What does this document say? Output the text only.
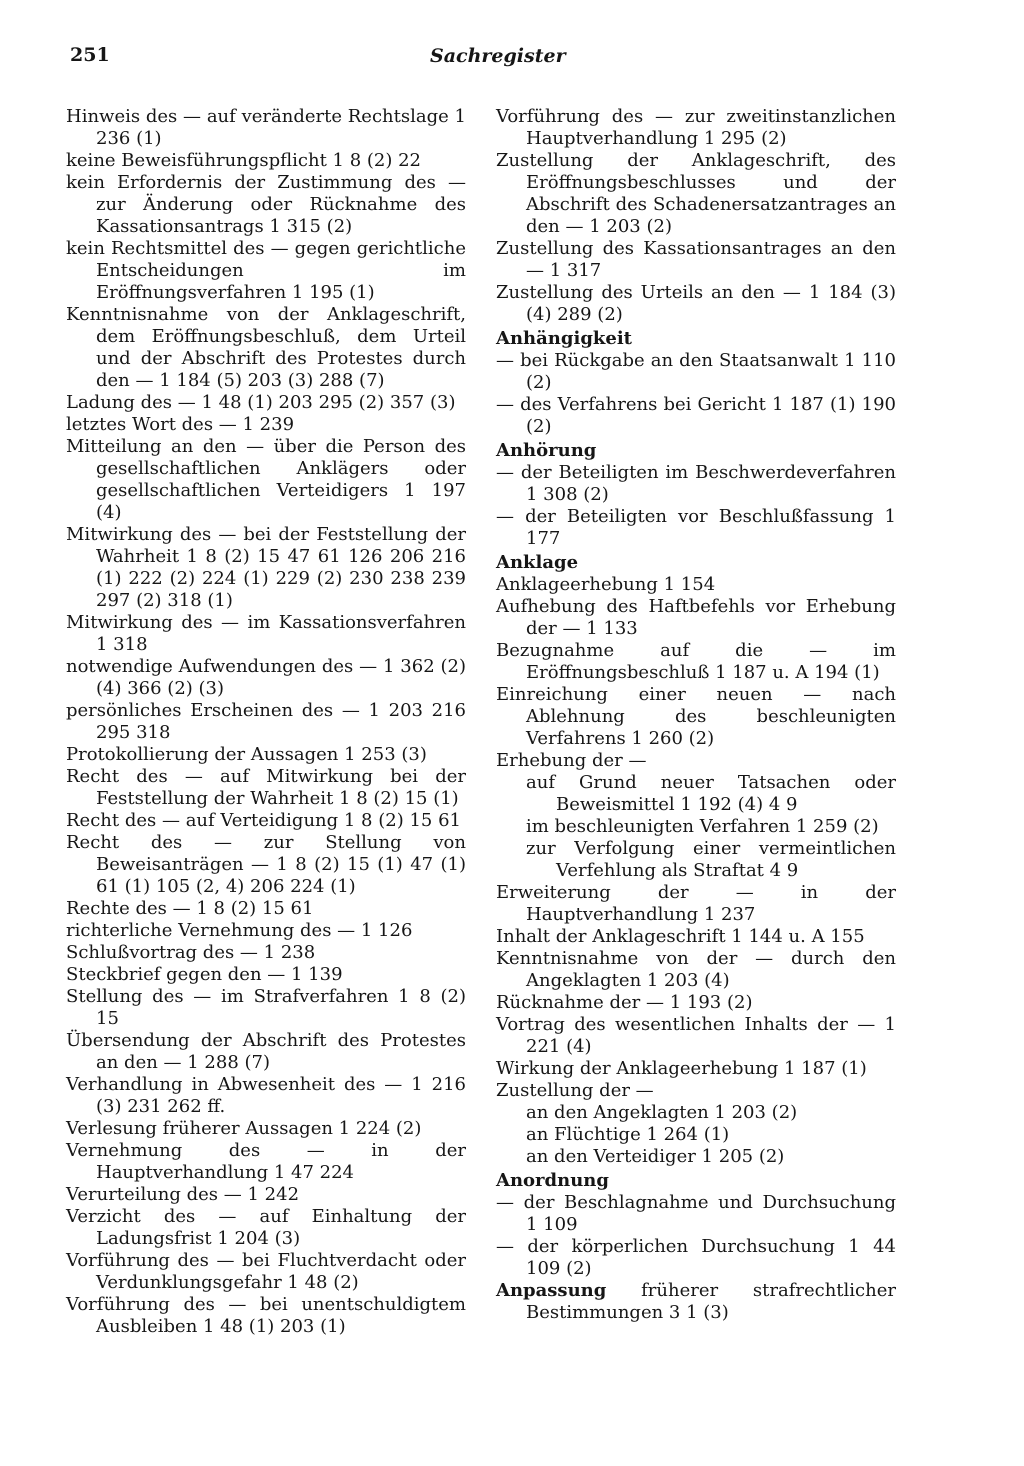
251	Sachregister
Hinweis des — auf veränderte Rechtslage 1 236 (1)
keine Beweisführungspflicht 1 8 (2) 22
kein Erfordernis der Zustimmung des — zur Änderung oder Rücknahme des Kassationsantrags 1 315 (2)
kein Rechtsmittel des — gegen gerichtliche Entscheidungen im Eröffnungsverfahren 1 195 (1)
Kenntnisnahme von der Anklageschrift, dem Eröffnungsbeschluß, dem Urteil und der Abschrift des Protestes durch den — 1 184 (5) 203 (3) 288 (7)
Ladung des — 1 48 (1) 203 295 (2) 357 (3)
letztes Wort des — 1 239
Mitteilung an den — über die Person des gesellschaftlichen Anklägers oder gesellschaftlichen Verteidigers 1 197 (4)
Mitwirkung des — bei der Feststellung der Wahrheit 1 8 (2) 15 47 61 126 206 216 (1) 222 (2) 224 (1) 229 (2) 230 238 239 297 (2) 318 (1)
Mitwirkung des — im Kassationsverfahren 1 318
notwendige Aufwendungen des — 1 362 (2) (4) 366 (2) (3)
persönliches Erscheinen des — 1 203 216 295 318
Protokollierung der Aussagen 1 253 (3)
Recht des — auf Mitwirkung bei der Feststellung der Wahrheit 1 8 (2) 15 (1)
Recht des — auf Verteidigung 1 8 (2) 15 61
Recht des — zur Stellung von Beweisanträgen — 1 8 (2) 15 (1) 47 (1) 61 (1) 105 (2, 4) 206 224 (1)
Rechte des — 1 8 (2) 15 61
richterliche Vernehmung des — 1 126
Schlußvortrag des — 1 238
Steckbrief gegen den — 1 139
Stellung des — im Strafverfahren 1 8 (2) 15
Übersendung der Abschrift des Protestes an den — 1 288 (7)
Verhandlung in Abwesenheit des — 1 216 (3) 231 262 ff.
Verlesung früherer Aussagen 1 224 (2)
Vernehmung des — in der Hauptverhandlung 1 47 224
Verurteilung des — 1 242
Verzicht des — auf Einhaltung der Ladungsfrist 1 204 (3)
Vorführung des — bei Fluchtverdacht oder Verdunklungsgefahr 1 48 (2)
Vorführung des — bei unentschuldigtem Ausbleiben 1 48 (1) 203 (1)
Vorführung des — zur zweitinstanzlichen Hauptverhandlung 1 295 (2)
Zustellung der Anklageschrift, des Eröffnungsbeschlusses und der Abschrift des Schadenersatzantrages an den — 1 203 (2)
Zustellung des Kassationsantrages an den — 1 317
Zustellung des Urteils an den — 1 184 (3) (4) 289 (2)
Anhängigkeit
— bei Rückgabe an den Staatsanwalt 1 110 (2)
— des Verfahrens bei Gericht 1 187 (1) 190 (2)
Anhörung
— der Beteiligten im Beschwerdeverfahren 1 308 (2)
— der Beteiligten vor Beschlußfassung 1 177
Anklage
Anklageerhebung 1 154
Aufhebung des Haftbefehls vor Erhebung der — 1 133
Bezugnahme auf die — im Eröffnungsbeschluß 1 187 u. A 194 (1)
Einreichung einer neuen — nach Ablehnung des beschleunigten Verfahrens 1 260 (2)
Erhebung der —
auf Grund neuer Tatsachen oder Beweismittel 1 192 (4) 4 9
im beschleunigten Verfahren 1 259 (2)
zur Verfolgung einer vermeintlichen Verfehlung als Straftat 4 9
Erweiterung der — in der Hauptverhandlung 1 237
Inhalt der Anklageschrift 1 144 u. A 155
Kenntnisnahme von der — durch den Angeklagten 1 203 (4)
Rücknahme der — 1 193 (2)
Vortrag des wesentlichen Inhalts der — 1 221 (4)
Wirkung der Anklageerhebung 1 187 (1)
Zustellung der —
an den Angeklagten 1 203 (2)
an Flüchtige 1 264 (1)
an den Verteidiger 1 205 (2)
Anordnung
— der Beschlagnahme und Durchsuchung 1 109
— der körperlichen Durchsuchung 1 44 109 (2)
Anpassung früherer strafrechtlicher Bestimmungen 3 1 (3)
